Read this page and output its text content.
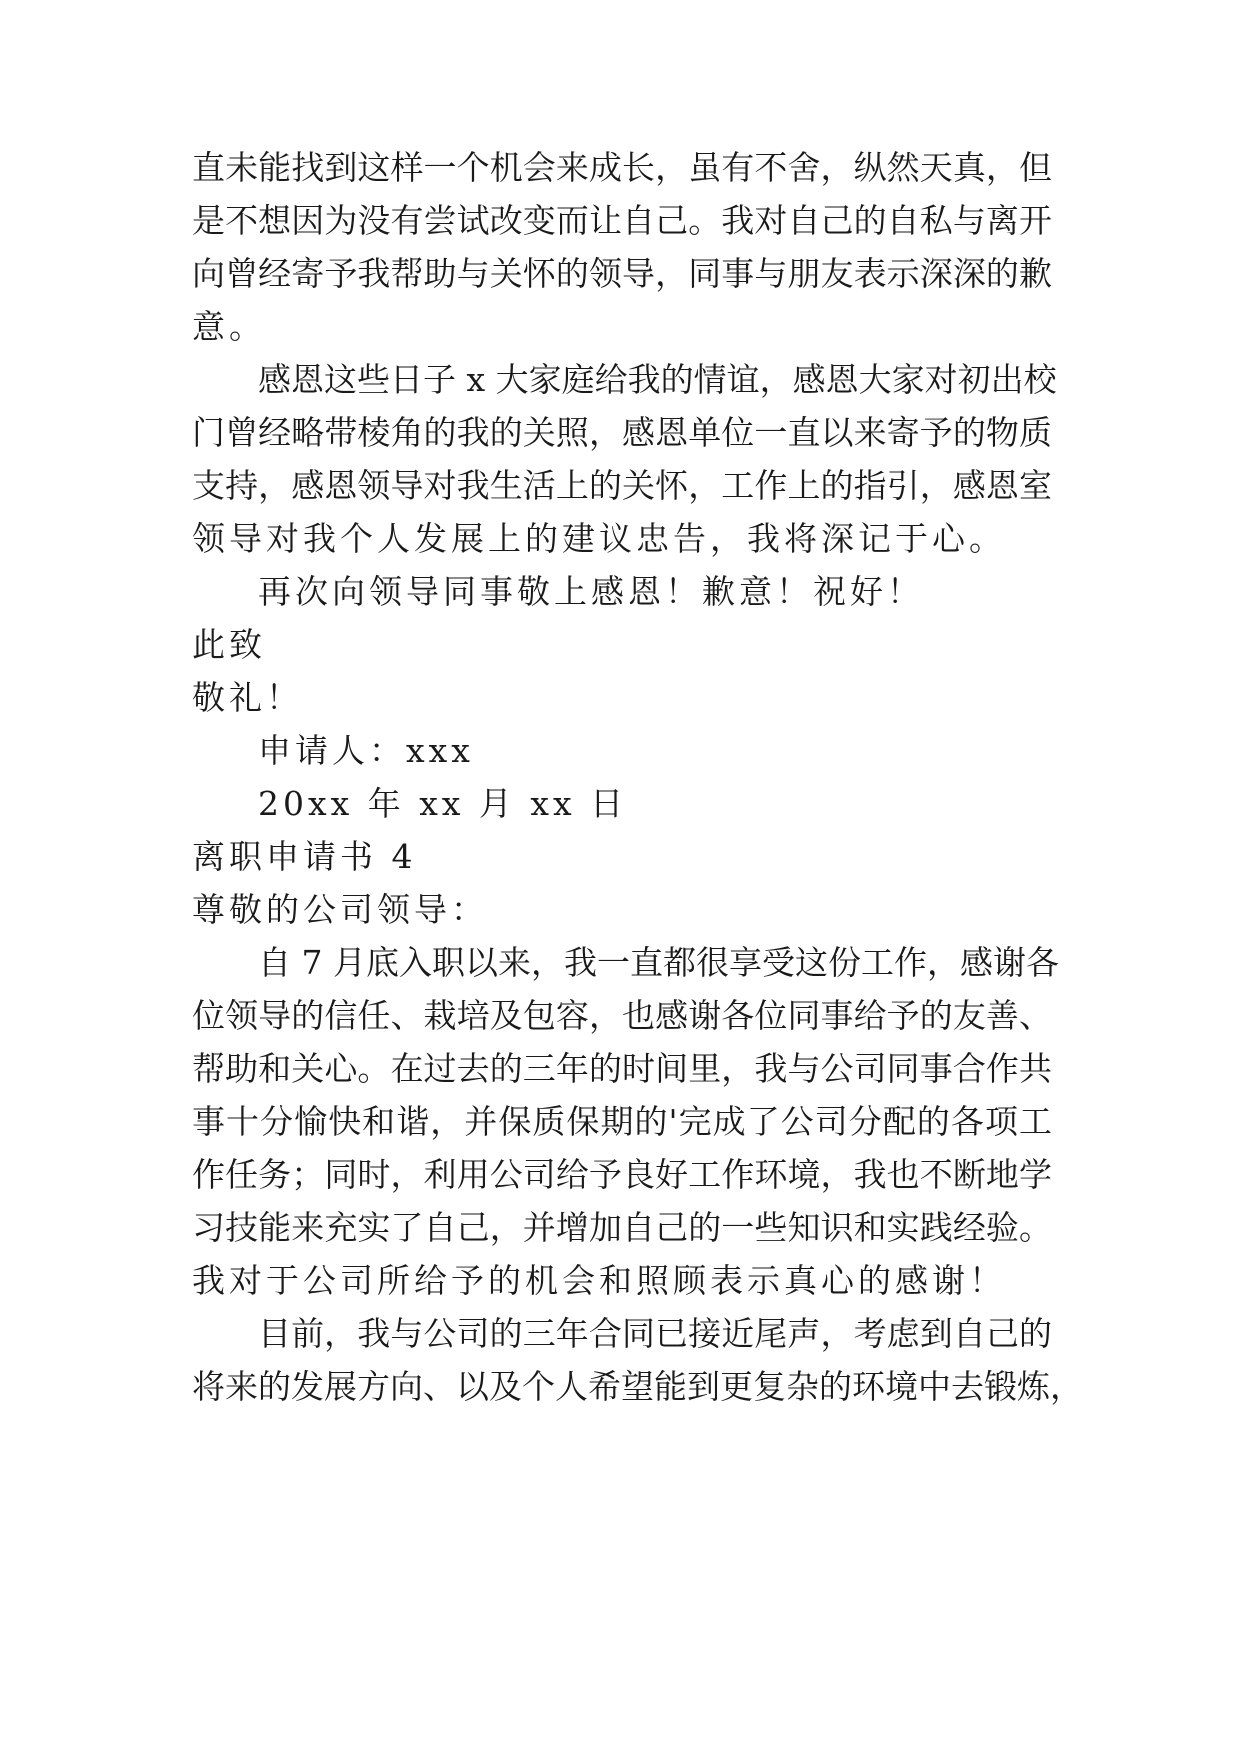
直未能找到这样一个机会来成长，虽有不舍，纵然天真，但
是不想因为没有尝试改变而让自己。我对自己的自私与离开
向曾经寄予我帮助与关怀的领导，同事与朋友表示深深的歉
意。
感恩这些日子 x 大家庭给我的情谊，感恩大家对初出校
门曾经略带棱角的我的关照，感恩单位一直以来寄予的物质
支持，感恩领导对我生活上的关怀，工作上的指引，感恩室
领导对我个人发展上的建议忠告，我将深记于心。
再次向领导同事敬上感恩！歉意！祝好！
此致
敬礼！
申请人：xxx
20xx 年 xx 月 xx 日
离职申请书 4
尊敬的公司领导：
自 7 月底入职以来，我一直都很享受这份工作，感谢各
位领导的信任、栽培及包容，也感谢各位同事给予的友善、
帮助和关心。在过去的三年的时间里，我与公司同事合作共
事十分愉快和谐，并保质保期的'完成了公司分配的各项工
作任务；同时，利用公司给予良好工作环境，我也不断地学
习技能来充实了自己，并增加自己的一些知识和实践经验。
我对于公司所给予的机会和照顾表示真心的感谢！
目前，我与公司的三年合同已接近尾声，考虑到自己的
将来的发展方向、以及个人希望能到更复杂的环境中去锻炼，
